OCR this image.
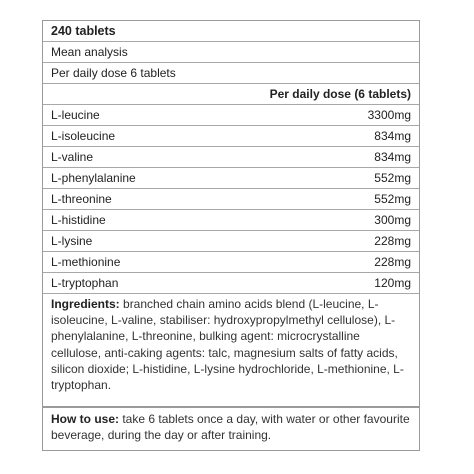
240 tablets
Mean analysis
Per daily dose 6 tablets
Per daily dose (6 tablets)
L-leucine	3300mg
L-isoleucine	834mg
L-valine	834mg
L-phenylalanine	552mg
L-threonine	552mg
L-histidine	300mg
L-lysine	228mg
L-methionine	228mg
L-tryptophan	120mg
Ingredients: branched chain amino acids blend (L-leucine, L-isoleucine, L-valine, stabiliser: hydroxypropylmethyl cellulose), L-phenylalanine, L-threonine, bulking agent: microcrystalline cellulose, anti-caking agents: talc, magnesium salts of fatty acids, silicon dioxide; L-histidine, L-lysine hydrochloride, L-methionine, L-tryptophan.
How to use: take 6 tablets once a day, with water or other favourite beverage, during the day or after training.
